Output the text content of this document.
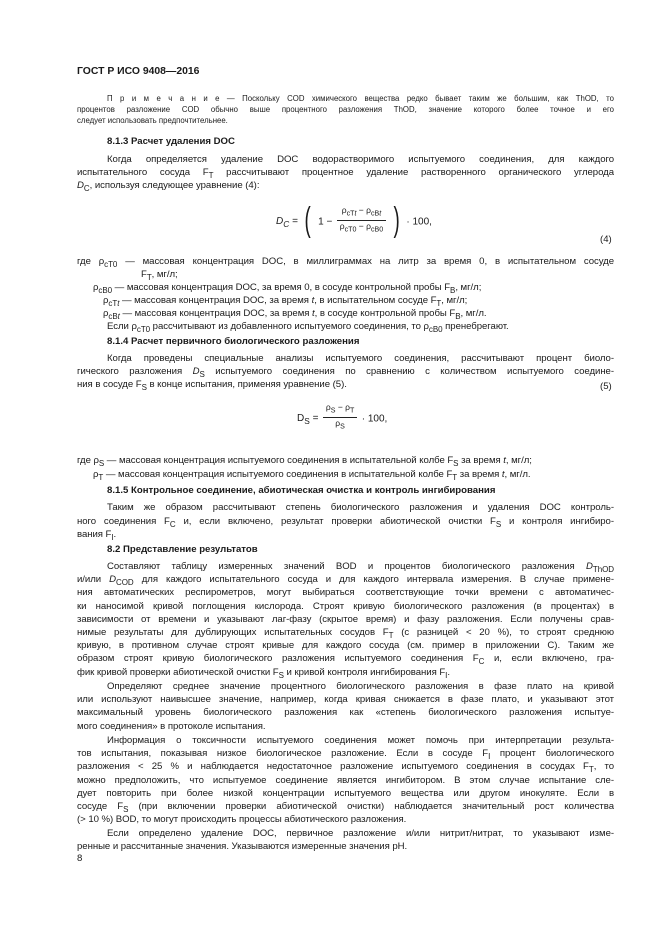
ГОСТ Р ИСО 9408—2016
П р и м е ч а н и е — Поскольку COD химического вещества редко бывает таким же большим, как ThOD, то
процентов разложение COD обычно выше процентного разложения ThOD, значение которого более точное и его
следует использовать предпочтительнее.
8.1.3 Расчет удаления DOC
Когда определяется удаление DOC водорастворимого испытуемого соединения, для каждого
испытательного сосуда $F_T$ рассчитывают процентное удаление растворенного органического углерода
$D_C$, используя следующее уравнение (4):
где $\rho_{cT0}$ — массовая концентрация DOC, в миллиграммах на литр за время 0, в испытательном сосуде
$F_T$, мг/л;
$\rho_{cB0}$ — массовая концентрация DOC, за время 0, в сосуде контрольной пробы $F_B$, мг/л;
$\rho_{cTt}$ — массовая концентрация DOC, за время t, в испытательном сосуде $F_T$, мг/л;
$\rho_{cBt}$ — массовая концентрация DOC, за время t, в сосуде контрольной пробы $F_B$, мг/л.
Если $\rho_{cT0}$ рассчитывают из добавленного испытуемого соединения, то $\rho_{cB0}$ пренебрегают.
$D_C$ = ( $1 - \frac{\rho_{cTt} - \rho_{cBt}}{\rho_{cT0} - \rho_{cB0}}$ ) · 100,
(4)
8.1.4 Расчет первичного биологического разложения
Когда проведены специальные анализы испытуемого соединения, рассчитывают процент биоло-
гического разложения $D_S$ испытуемого соединения по сравнению с количеством испытуемого соедине-
ния в сосуде $F_S$ в конце испытания, применяя уравнение (5).
где $\rho_S$ — массовая концентрация испытуемого соединения в испытательной колбе $F_S$ за время t, мг/л;
$\rho_T$ — массовая концентрация испытуемого соединения в испытательной колбе $F_T$ за время t, мг/л.
$D_S = \frac{\rho_S - \rho_T}{\rho_S} \cdot 100$,
(5)
8.1.5 Контрольное соединение, абиотическая очистка и контроль ингибирования
Таким же образом рассчитывают степень биологического разложения и удаления DOC контроль-
ного соединения $F_C$ и, если включено, результат проверки абиотической очистки $F_S$ и контроля ингибиро-
вания $F_I$.
8.2 Представление результатов
Составляют таблицу измеренных значений BOD и процентов биологического разложения $D_{ThOD}$
и/или $D_{COD}$ для каждого испытательного сосуда и для каждого интервала измерения. В случае примене-
ния автоматических респирометров, могут выбираться соответствующие точки времени с автоматичес-
ки наносимой кривой поглощения кислорода. Строят кривую биологического разложения (в процентах) в
зависимости от времени и указывают лаг-фазу (скрытое время) и фазу разложения. Если получены срав-
нимые результаты для дублирующих испытательных сосудов $F_T$ (с разницей < 20 %), то строят среднюю
кривую, в противном случае строят кривые для каждого сосуда (см. пример в приложении С). Таким же
образом строят кривую биологического разложения испытуемого соединения $F_C$ и, если включено, гра-
фик кривой проверки абиотической очистки $F_S$ и кривой контроля ингибирования $F_I$.
Определяют среднее значение процентного биологического разложения в фазе плато на кривой
или используют наивысшее значение, например, когда кривая снижается в фазе плато, и указывают этот
максимальный уровень биологического разложения как «степень биологического разложения испытуе-
мого соединения» в протоколе испытания.
Информация о токсичности испытуемого соединения может помочь при интерпретации результа-
тов испытания, показывая низкое биологическое разложение. Если в сосуде $F_I$ процент биологического
разложения < 25 % и наблюдается недостаточное разложение испытуемого соединения в сосудах $F_T$, то
можно предположить, что испытуемое соединение является ингибитором. В этом случае испытание сле-
дует повторить при более низкой концентрации испытуемого вещества или другом инокуляте. Если в
сосуде $F_S$ (при включении проверки абиотической очистки) наблюдается значительный рост количества
(> 10 %) BOD, то могут происходить процессы абиотического разложения.
Если определено удаление DOC, первичное разложение и/или нитрит/нитрат, то указывают изме-
ренные и рассчитанные значения. Указываются измеренные значения рН.
8
